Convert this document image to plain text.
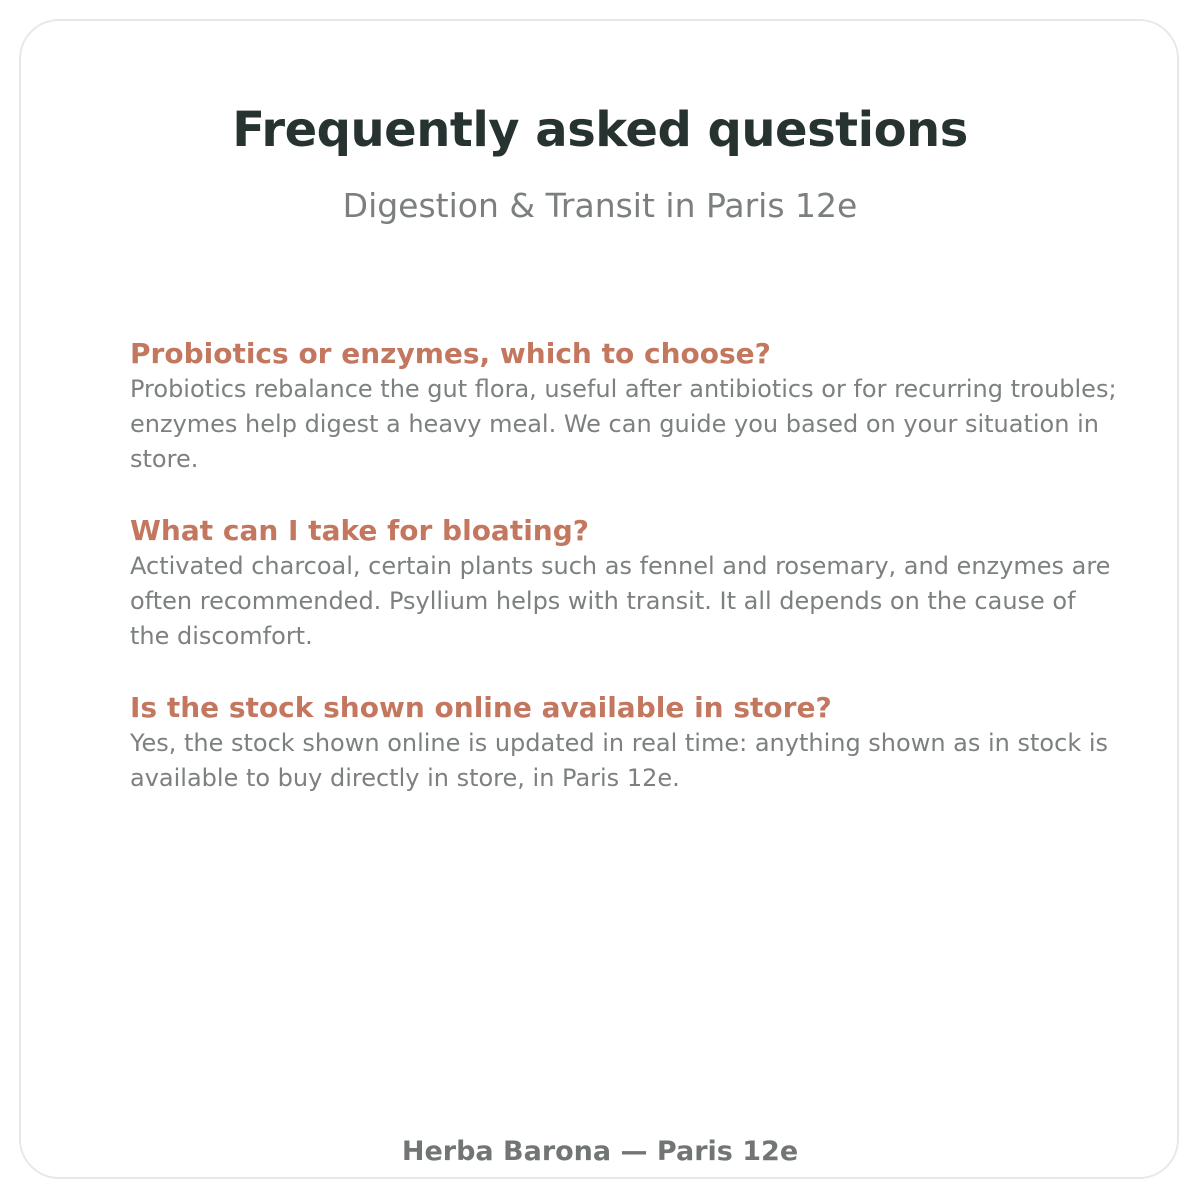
Frequently asked questions
Digestion & Transit in Paris 12e
Probiotics or enzymes, which to choose?

Probiotics rebalance the gut flora, useful after antibiotics or for recurring troubles; enzymes help digest a heavy meal. We can guide you based on your situation in store.

What can I take for bloating?

Activated charcoal, certain plants such as fennel and rosemary, and enzymes are often recommended. Psyllium helps with transit. It all depends on the cause of the discomfort.

Is the stock shown online available in store?

Yes, the stock shown online is updated in real time: anything shown as in stock is available to buy directly in store, in Paris 12e.

Herba Barona — Paris 12e
